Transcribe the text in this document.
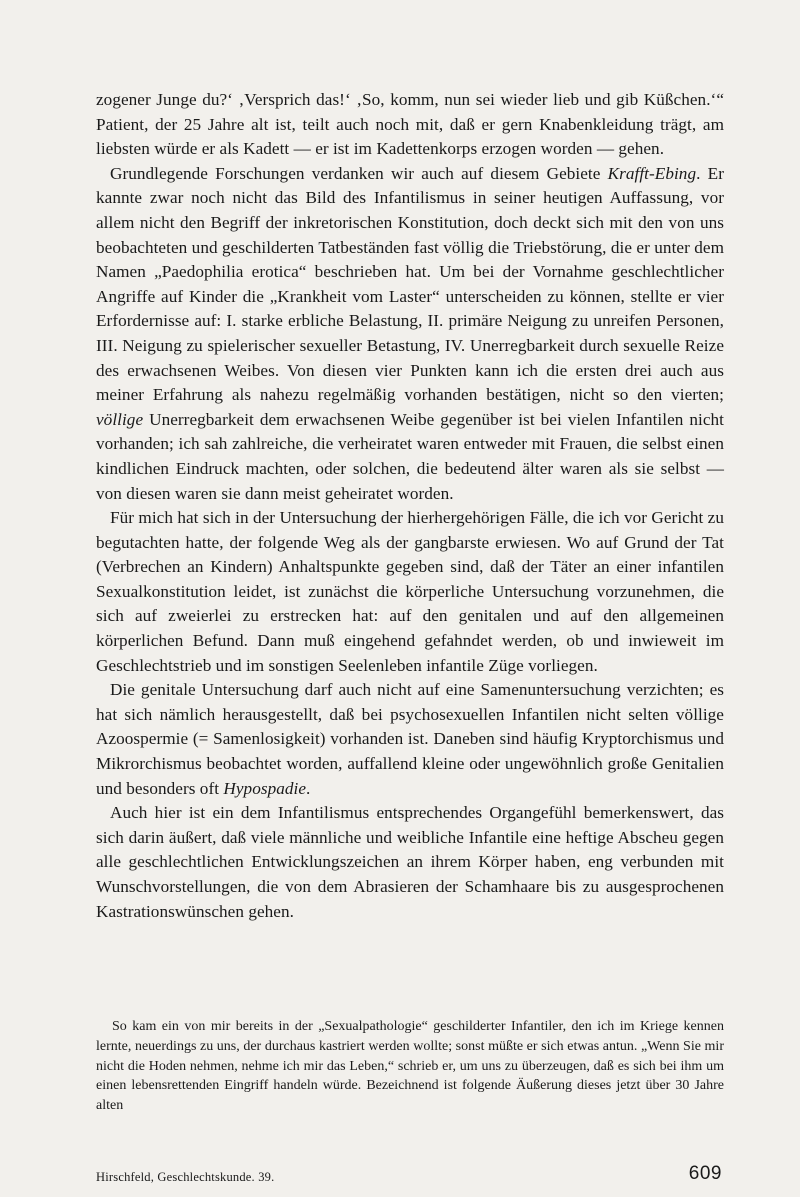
zogener Junge du?‘ ‚Versprich das!‘ ‚So, komm, nun sei wieder lieb und gib Küßchen.‘“ Patient, der 25 Jahre alt ist, teilt auch noch mit, daß er gern Knabenkleidung trägt, am liebsten würde er als Kadett — er ist im Kadettenkorps erzogen worden — gehen.

Grundlegende Forschungen verdanken wir auch auf diesem Gebiete Krafft-Ebing. Er kannte zwar noch nicht das Bild des Infantilismus in seiner heutigen Auffassung, vor allem nicht den Begriff der inkretorischen Konstitution, doch deckt sich mit den von uns beobachteten und geschilderten Tatbeständen fast völlig die Triebstörung, die er unter dem Namen „Paedophilia erotica“ beschrieben hat. Um bei der Vornahme geschlechtlicher Angriffe auf Kinder die „Krankheit vom Laster“ unterscheiden zu können, stellte er vier Erfordernisse auf: I. starke erbliche Belastung, II. primäre Neigung zu unreifen Personen, III. Neigung zu spielerischer sexueller Betastung, IV. Unerregbarkeit durch sexuelle Reize des erwachsenen Weibes. Von diesen vier Punkten kann ich die ersten drei auch aus meiner Erfahrung als nahezu regelmäßig vorhanden bestätigen, nicht so den vierten; völlige Unerregbarkeit dem erwachsenen Weibe gegenüber ist bei vielen Infantilen nicht vorhanden; ich sah zahlreiche, die verheiratet waren entweder mit Frauen, die selbst einen kindlichen Eindruck machten, oder solchen, die bedeutend älter waren als sie selbst — von diesen waren sie dann meist geheiratet worden.

Für mich hat sich in der Untersuchung der hierhergehörigen Fälle, die ich vor Gericht zu begutachten hatte, der folgende Weg als der gangbarste erwiesen. Wo auf Grund der Tat (Verbrechen an Kindern) Anhaltspunkte gegeben sind, daß der Täter an einer infantilen Sexualkonstitution leidet, ist zunächst die körperliche Untersuchung vorzunehmen, die sich auf zweierlei zu erstrecken hat: auf den genitalen und auf den allgemeinen körperlichen Befund. Dann muß eingehend gefahndet werden, ob und inwieweit im Geschlechtstrieb und im sonstigen Seelenleben infantile Züge vorliegen.

Die genitale Untersuchung darf auch nicht auf eine Samenuntersuchung verzichten; es hat sich nämlich herausgestellt, daß bei psychosexuellen Infantilen nicht selten völlige Azoospermie (= Samenlosigkeit) vorhanden ist. Daneben sind häufig Kryptorchismus und Mikrorchismus beobachtet worden, auffallend kleine oder ungewöhnlich große Genitalien und besonders oft Hypospadie.

Auch hier ist ein dem Infantilismus entsprechendes Organgefühl bemerkenswert, das sich darin äußert, daß viele männliche und weibliche Infantile eine heftige Abscheu gegen alle geschlechtlichen Entwicklungszeichen an ihrem Körper haben, eng verbunden mit Wunschvorstellungen, die von dem Abrasieren der Schamhaare bis zu ausgesprochenen Kastrationswünschen gehen.

So kam ein von mir bereits in der „Sexualpathologie“ geschilderter Infantiler, den ich im Kriege kennen lernte, neuerdings zu uns, der durchaus kastriert werden wollte; sonst müßte er sich etwas antun. „Wenn Sie mir nicht die Hoden nehmen, nehme ich mir das Leben,“ schrieb er, um uns zu überzeugen, daß es sich bei ihm um einen lebensrettenden Eingriff handeln würde. Bezeichnend ist folgende Äußerung dieses jetzt über 30 Jahre alten
Hirschfeld, Geschlechtskunde. 39.	609
